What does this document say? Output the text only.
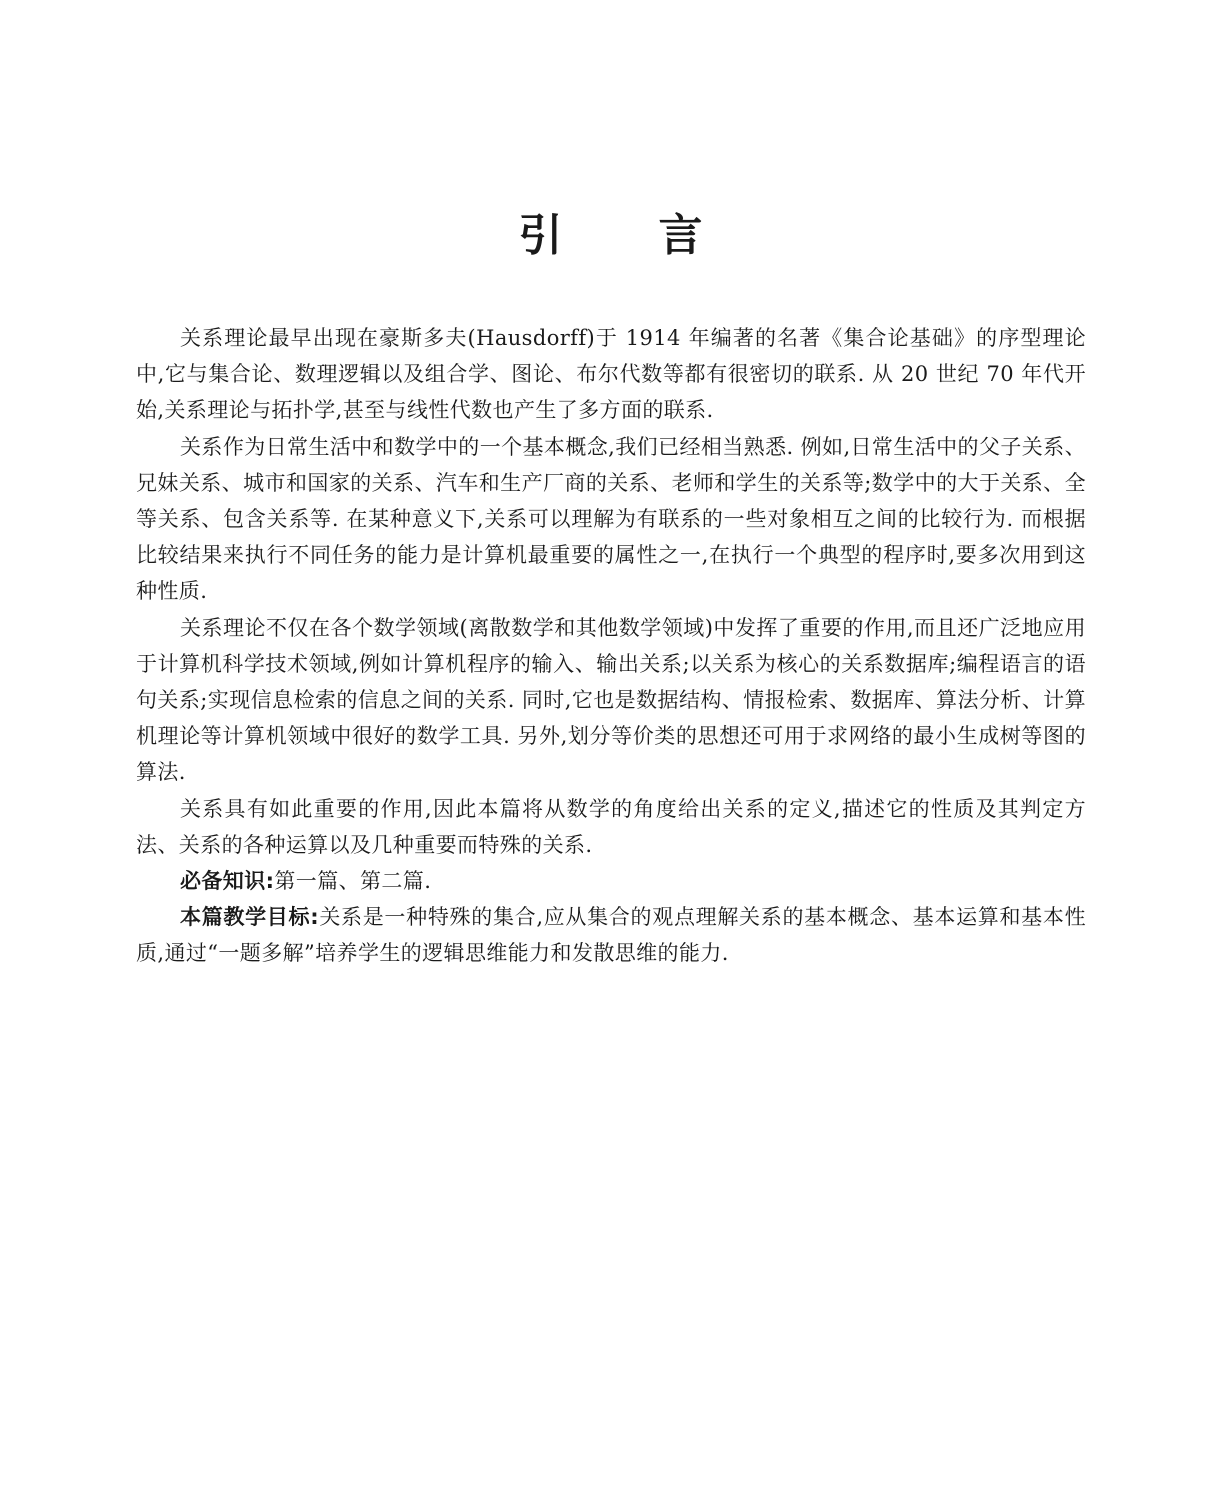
引言

关系理论最早出现在豪斯多夫(Hausdorff)于 1914 年编著的名著《集合论基础》的序型理论中,它与集合论、数理逻辑以及组合学、图论、布尔代数等都有很密切的联系. 从 20 世纪 70 年代开始,关系理论与拓扑学,甚至与线性代数也产生了多方面的联系.

关系作为日常生活中和数学中的一个基本概念,我们已经相当熟悉. 例如,日常生活中的父子关系、兄妹关系、城市和国家的关系、汽车和生产厂商的关系、老师和学生的关系等;数学中的大于关系、全等关系、包含关系等. 在某种意义下,关系可以理解为有联系的一些对象相互之间的比较行为. 而根据比较结果来执行不同任务的能力是计算机最重要的属性之一,在执行一个典型的程序时,要多次用到这种性质.

关系理论不仅在各个数学领域(离散数学和其他数学领域)中发挥了重要的作用,而且还广泛地应用于计算机科学技术领域,例如计算机程序的输入、输出关系;以关系为核心的关系数据库;编程语言的语句关系;实现信息检索的信息之间的关系. 同时,它也是数据结构、情报检索、数据库、算法分析、计算机理论等计算机领域中很好的数学工具. 另外,划分等价类的思想还可用于求网络的最小生成树等图的算法.

关系具有如此重要的作用,因此本篇将从数学的角度给出关系的定义,描述它的性质及其判定方法、关系的各种运算以及几种重要而特殊的关系.

必备知识:第一篇、第二篇.

本篇教学目标:关系是一种特殊的集合,应从集合的观点理解关系的基本概念、基本运算和基本性质,通过“一题多解”培养学生的逻辑思维能力和发散思维的能力.
